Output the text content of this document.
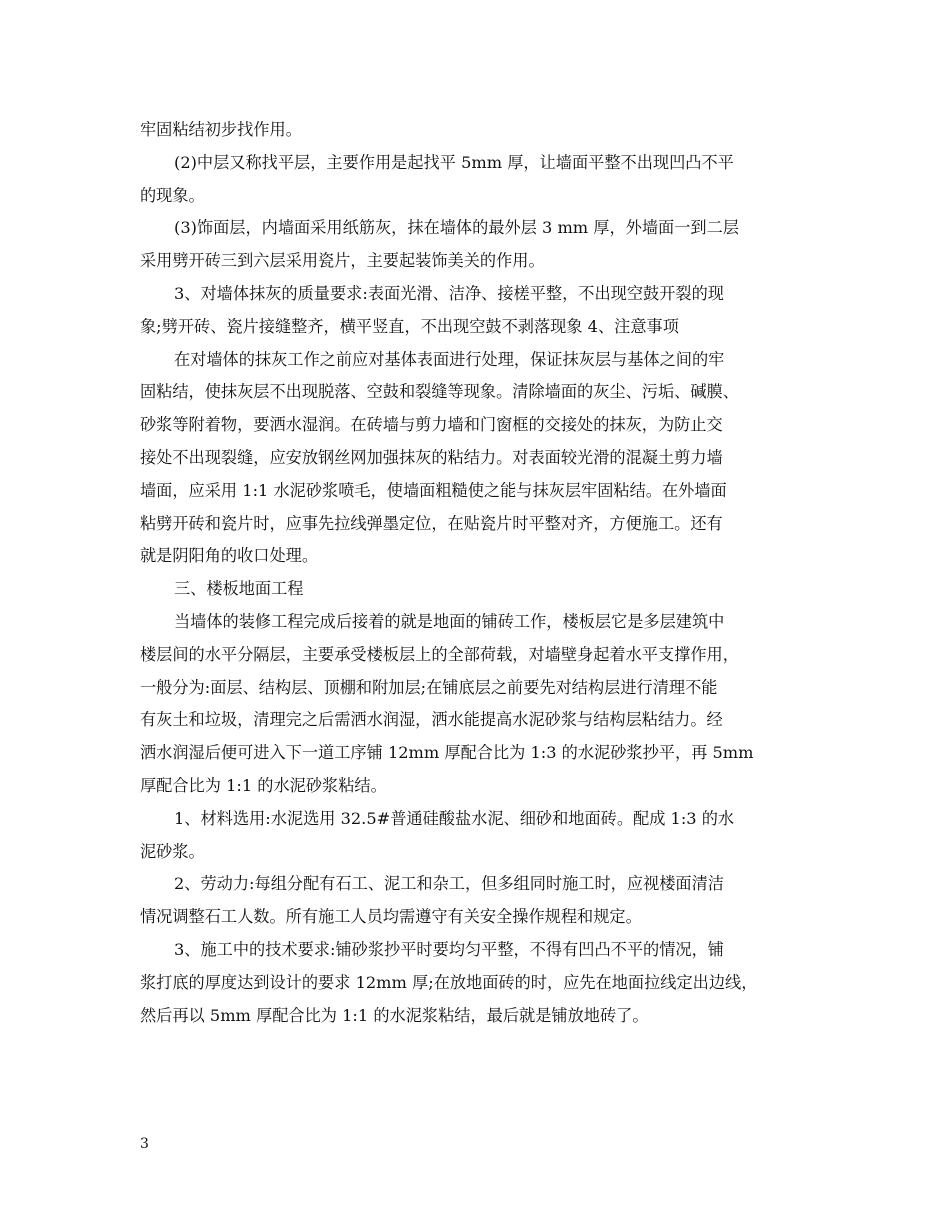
牢固粘结初步找作用。

(2)中层又称找平层，主要作用是起找平 5mm 厚，让墙面平整不出现凹凸不平
的现象。

(3)饰面层，内墙面采用纸筋灰，抹在墙体的最外层 3 mm 厚，外墙面一到二层
采用劈开砖三到六层采用瓷片，主要起装饰美关的作用。

3、对墙体抹灰的质量要求:表面光滑、洁净、接槎平整，不出现空鼓开裂的现
象;劈开砖、瓷片接缝整齐，横平竖直，不出现空鼓不剥落现象 4、注意事项

在对墙体的抹灰工作之前应对基体表面进行处理，保证抹灰层与基体之间的牢
固粘结，使抹灰层不出现脱落、空鼓和裂缝等现象。清除墙面的灰尘、污垢、碱膜、
砂浆等附着物，要洒水湿润。在砖墙与剪力墙和门窗框的交接处的抹灰，为防止交
接处不出现裂缝，应安放钢丝网加强抹灰的粘结力。对表面较光滑的混凝土剪力墙
墙面，应采用 1:1 水泥砂浆喷毛，使墙面粗糙使之能与抹灰层牢固粘结。在外墙面
粘劈开砖和瓷片时，应事先拉线弹墨定位，在贴瓷片时平整对齐，方便施工。还有
就是阴阳角的收口处理。

三、楼板地面工程

当墙体的装修工程完成后接着的就是地面的铺砖工作，楼板层它是多层建筑中
楼层间的水平分隔层，主要承受楼板层上的全部荷载，对墙壁身起着水平支撑作用，
一般分为:面层、结构层、顶棚和附加层;在铺底层之前要先对结构层进行清理不能
有灰土和垃圾，清理完之后需洒水润湿，洒水能提高水泥砂浆与结构层粘结力。经
洒水润湿后便可进入下一道工序铺 12mm 厚配合比为 1:3 的水泥砂浆抄平，再 5mm
厚配合比为 1:1 的水泥砂浆粘结。

1、材料选用:水泥选用 32.5#普通硅酸盐水泥、细砂和地面砖。配成 1:3 的水
泥砂浆。

2、劳动力:每组分配有石工、泥工和杂工，但多组同时施工时，应视楼面清洁
情况调整石工人数。所有施工人员均需遵守有关安全操作规程和规定。

3、施工中的技术要求:铺砂浆抄平时要均匀平整，不得有凹凸不平的情况，铺
浆打底的厚度达到设计的要求 12mm 厚;在放地面砖的时，应先在地面拉线定出边线，
然后再以 5mm 厚配合比为 1:1 的水泥浆粘结，最后就是铺放地砖了。

3
